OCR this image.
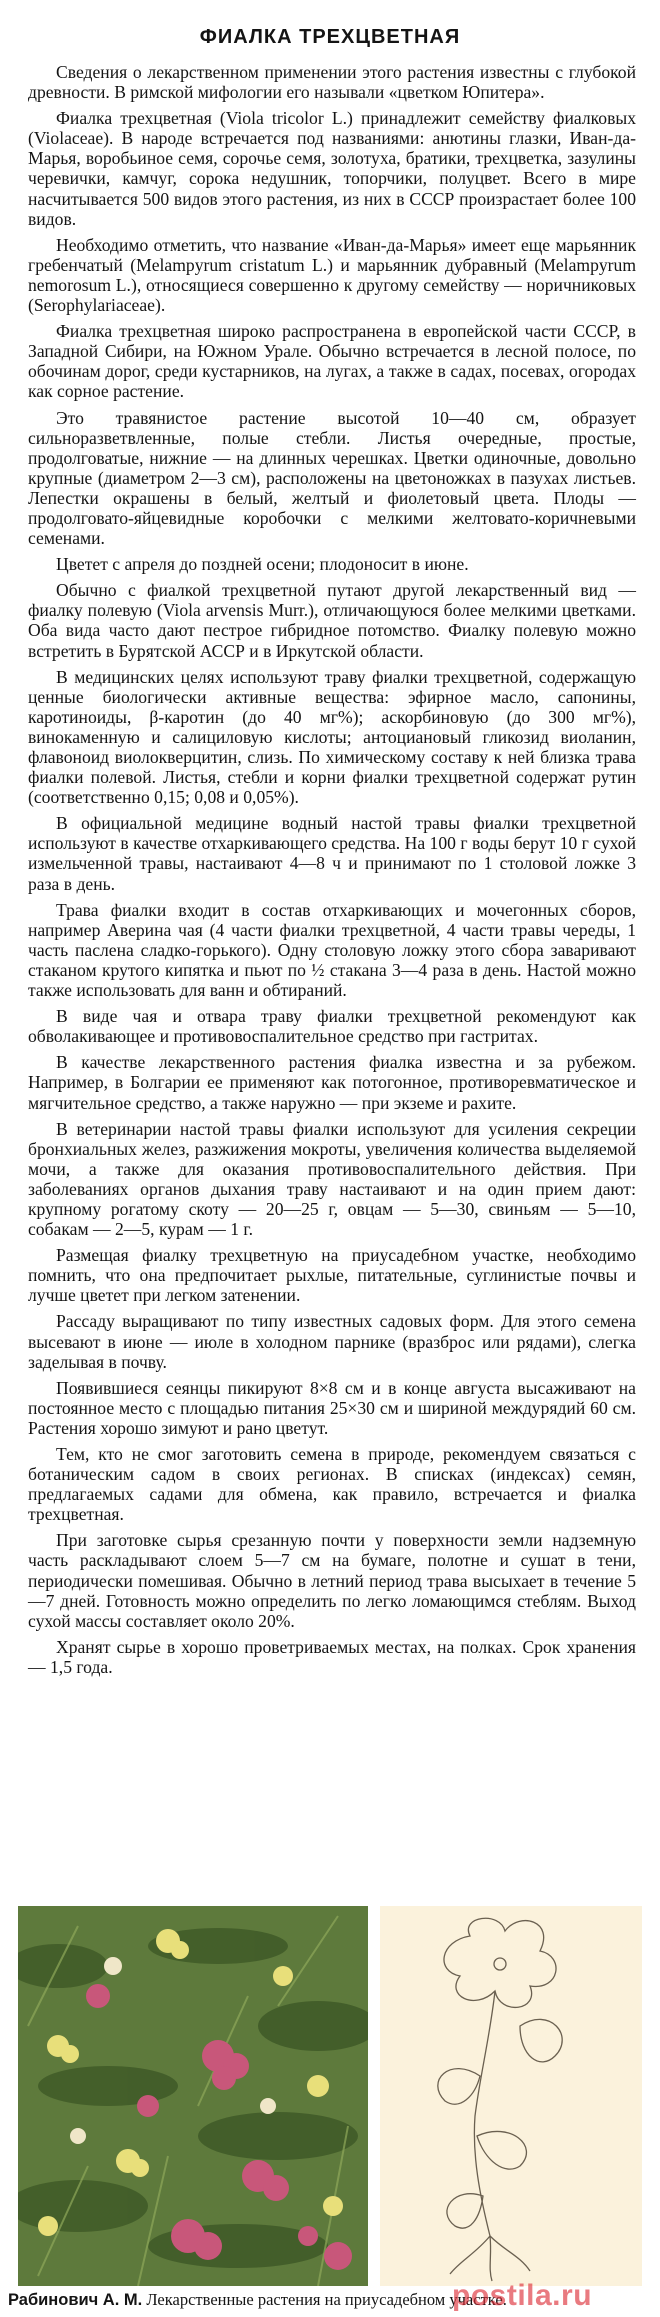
ФИАЛКА ТРЕХЦВЕТНАЯ

Сведения о лекарственном применении этого растения известны с глубокой древности. В римской мифологии его называли «цветком Юпитера».

Фиалка трехцветная (Viola tricolor L.) принадлежит семейству фиалковых (Violaceae). В народе встречается под названиями: анютины глазки, Иван-да-Марья, воробьиное семя, сорочье семя, золотуха, братики, трехцветка, зазулины черевички, камчуг, сорока недушник, топорчики, полуцвет. Всего в мире насчитывается 500 видов этого растения, из них в СССР произрастает более 100 видов.

Необходимо отметить, что название «Иван-да-Марья» имеет еще марьянник гребенчатый (Melampyrum cristatum L.) и марьянник дубравный (Melampyrum nemorosum L.), относящиеся совершенно к другому семейству — норичниковых (Serophylariaceae).

Фиалка трехцветная широко распространена в европейской части СССР, в Западной Сибири, на Южном Урале. Обычно встречается в лесной полосе, по обочинам дорог, среди кустарников, на лугах, а также в садах, посевах, огородах как сорное растение.

Это травянистое растение высотой 10—40 см, образует сильноразветвленные, полые стебли. Листья очередные, простые, продолговатые, нижние — на длинных черешках. Цветки одиночные, довольно крупные (диаметром 2—3 см), расположены на цветоножках в пазухах листьев. Лепестки окрашены в белый, желтый и фиолетовый цвета. Плоды — продолговато-яйцевидные коробочки с мелкими желтовато-коричневыми семенами.

Цветет с апреля до поздней осени; плодоносит в июне.

Обычно с фиалкой трехцветной путают другой лекарственный вид — фиалку полевую (Viola arvensis Murr.), отличающуюся более мелкими цветками. Оба вида часто дают пестрое гибридное потомство. Фиалку полевую можно встретить в Бурятской АССР и в Иркутской области.

В медицинских целях используют траву фиалки трехцветной, содержащую ценные биологически активные вещества: эфирное масло, сапонины, каротиноиды, β-каротин (до 40 мг%); аскорбиновую (до 300 мг%), винокаменную и салициловую кислоты; антоциановый гликозид виоланин, флавоноид виолокверцитин, слизь. По химическому составу к ней близка трава фиалки полевой. Листья, стебли и корни фиалки трехцветной содержат рутин (соответственно 0,15; 0,08 и 0,05%).

В официальной медицине водный настой травы фиалки трехцветной используют в качестве отхаркивающего средства. На 100 г воды берут 10 г сухой измельченной травы, настаивают 4—8 ч и принимают по 1 столовой ложке 3 раза в день.

Трава фиалки входит в состав отхаркивающих и мочегонных сборов, например Аверина чая (4 части фиалки трехцветной, 4 части травы череды, 1 часть паслена сладко-горького). Одну столовую ложку этого сбора заваривают стаканом крутого кипятка и пьют по ½ стакана 3—4 раза в день. Настой можно также использовать для ванн и обтираний.

В виде чая и отвара траву фиалки трехцветной рекомендуют как обволакивающее и противовоспалительное средство при гастритах.

В качестве лекарственного растения фиалка известна и за рубежом. Например, в Болгарии ее применяют как потогонное, противоревматическое и мягчительное средство, а также наружно — при экземе и рахите.

В ветеринарии настой травы фиалки используют для усиления секреции бронхиальных желез, разжижения мокроты, увеличения количества выделяемой мочи, а также для оказания противовоспалительного действия. При заболеваниях органов дыхания траву настаивают и на один прием дают: крупному рогатому скоту — 20—25 г, овцам — 5—30, свиньям — 5—10, собакам — 2—5, курам — 1 г.

Размещая фиалку трехцветную на приусадебном участке, необходимо помнить, что она предпочитает рыхлые, питательные, суглинистые почвы и лучше цветет при легком затенении.

Рассаду выращивают по типу известных садовых форм. Для этого семена высевают в июне — июле в холодном парнике (вразброс или рядами), слегка заделывая в почву.

Появившиеся сеянцы пикируют 8×8 см и в конце августа высаживают на постоянное место с площадью питания 25×30 см и шириной междурядий 60 см. Растения хорошо зимуют и рано цветут.

Тем, кто не смог заготовить семена в природе, рекомендуем связаться с ботаническим садом в своих регионах. В списках (индексах) семян, предлагаемых садами для обмена, как правило, встречается и фиалка трехцветная.

При заготовке сырья срезанную почти у поверхности земли надземную часть раскладывают слоем 5—7 см на бумаге, полотне и сушат в тени, периодически помешивая. Обычно в летний период трава высыхает в течение 5—7 дней. Готовность можно определить по легко ломающимся стеблям. Выход сухой массы составляет около 20%.

Хранят сырье в хорошо проветриваемых местах, на полках. Срок хранения — 1,5 года.

Рабинович А. М. Лекарственные растения на приусадебном участке.
postila.ru
